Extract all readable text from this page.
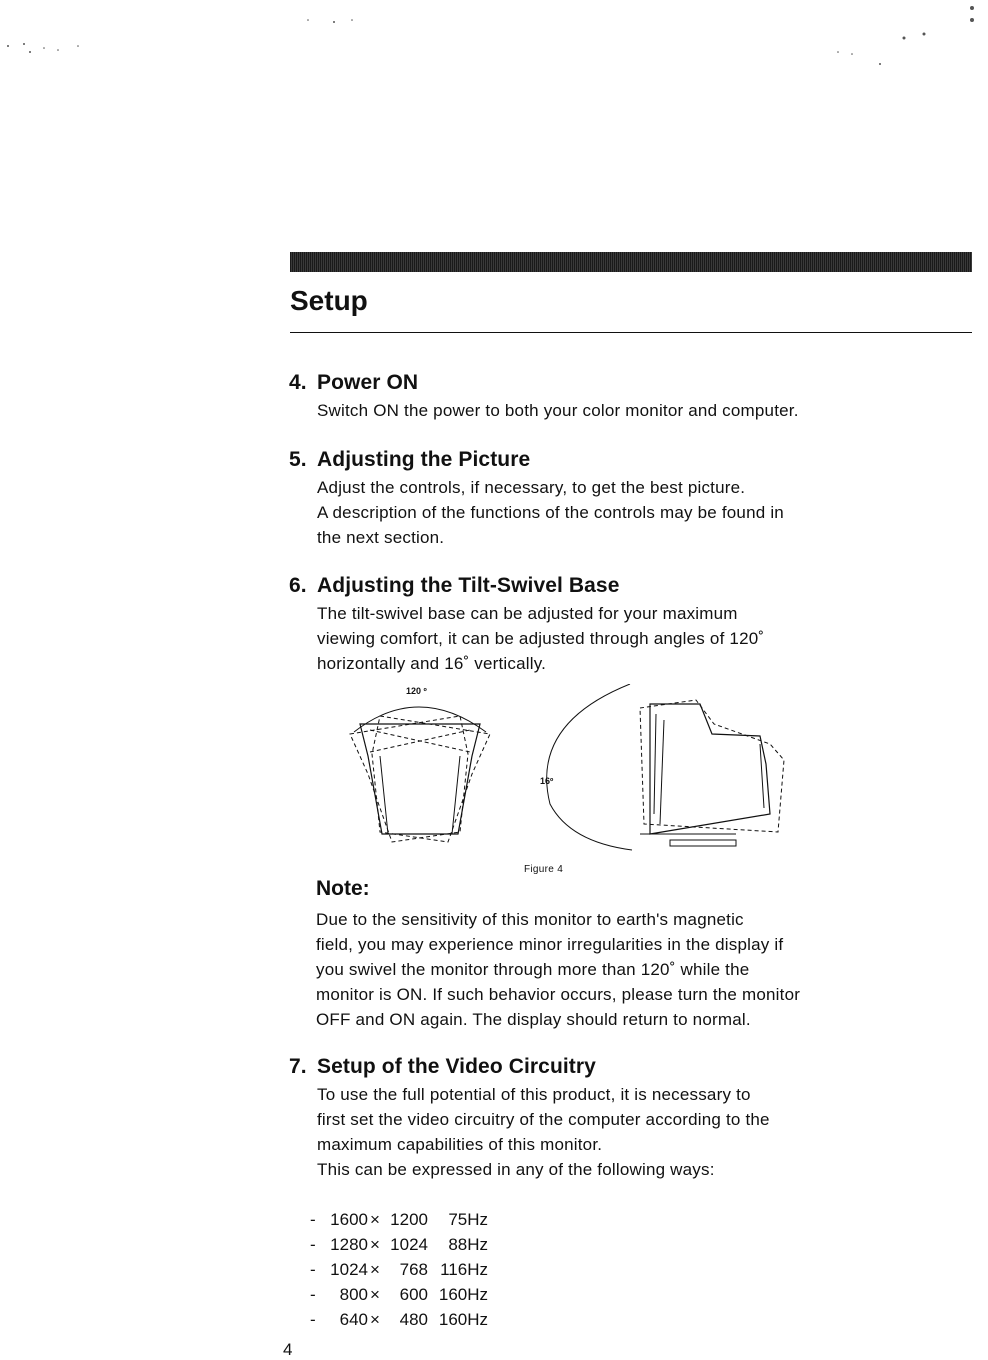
Setup
4. Power ON

Switch ON the power to both your color monitor and computer.

5. Adjusting the Picture

Adjust the controls, if necessary, to get the best picture.

A description of the functions of the controls may be found in

the next section.

6. Adjusting the Tilt-Swivel Base

The tilt-swivel base can be adjusted for your maximum

viewing comfort, it can be adjusted through angles of 120˚

horizontally and 16˚ vertically.

120 º
16º
Figure 4
Note:

Due to the sensitivity of this monitor to earth's magnetic

field, you may experience minor irregularities in the display if

you swivel the monitor through more than 120˚ while the

monitor is ON. If such behavior occurs, please turn the monitor

OFF and ON again. The display should return to normal.

7. Setup of the Video Circuitry

To use the full potential of this product, it is necessary to

first set the video circuitry of the computer according to the

maximum capabilities of this monitor.

This can be expressed in any of the following ways:

- 1600 × 1200	75Hz
- 1280 × 1024	88Hz
- 1024 ×	768 116Hz
-	800 ×	600 160Hz
-	640 ×	480 160Hz
4
